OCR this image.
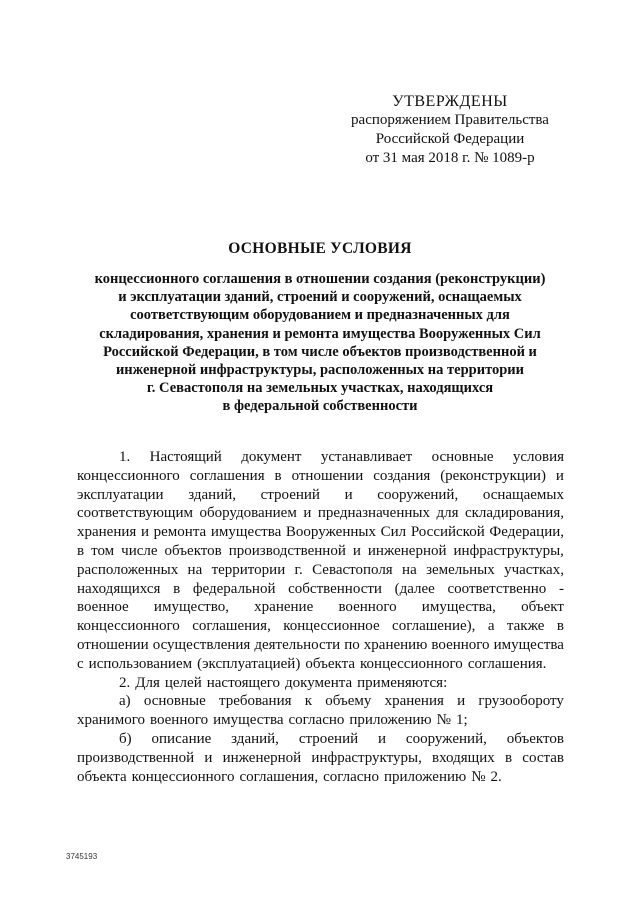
УТВЕРЖДЕНЫ
распоряжением Правительства
Российской Федерации
от 31 мая 2018 г. № 1089-р
ОСНОВНЫЕ УСЛОВИЯ
концессионного соглашения в отношении создания (реконструкции)
и эксплуатации зданий, строений и сооружений, оснащаемых
соответствующим оборудованием и предназначенных для
складирования, хранения и ремонта имущества Вооруженных Сил
Российской Федерации, в том числе объектов производственной и
инженерной инфраструктуры, расположенных на территории
г. Севастополя на земельных участках, находящихся
в федеральной собственности
1. Настоящий документ устанавливает основные условия
концессионного соглашения в отношении создания (реконструкции) и
эксплуатации зданий, строений и сооружений, оснащаемых
соответствующим оборудованием и предназначенных для складирования,
хранения и ремонта имущества Вооруженных Сил Российской Федерации,
в том числе объектов производственной и инженерной инфраструктуры,
расположенных на территории г. Севастополя на земельных участках,
находящихся в федеральной собственности (далее соответственно -
военное имущество, хранение военного имущества, объект
концессионного соглашения, концессионное соглашение), а также в
отношении осуществления деятельности по хранению военного имущества
с использованием (эксплуатацией) объекта концессионного соглашения.
2. Для целей настоящего документа применяются:
а) основные требования к объему хранения и грузообороту
хранимого военного имущества согласно приложению № 1;
б) описание зданий, строений и сооружений, объектов
производственной и инженерной инфраструктуры, входящих в состав
объекта концессионного соглашения, согласно приложению № 2.
3745193
